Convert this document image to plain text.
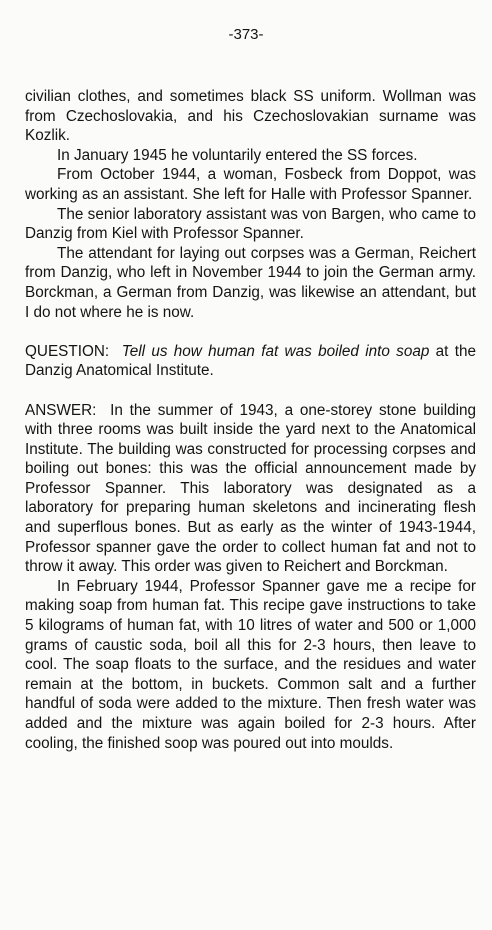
-373-

civilian clothes, and sometimes black SS uniform. Wollman was from Czechoslovakia, and his Czechoslovakian surname was Kozlik.

In January 1945 he voluntarily entered the SS forces.

From October 1944, a woman, Fosbeck from Doppot, was working as an assistant. She left for Halle with Professor Spanner.

The senior laboratory assistant was von Bargen, who came to Danzig from Kiel with Professor Spanner.

The attendant for laying out corpses was a German, Reichert from Danzig, who left in November 1944 to join the German army. Borckman, a German from Danzig, was likewise an attendant, but I do not where he is now.

QUESTION: Tell us how human fat was boiled into soap at the Danzig Anatomical Institute.

ANSWER: In the summer of 1943, a one-storey stone building with three rooms was built inside the yard next to the Anatomical Institute. The building was constructed for processing corpses and boiling out bones: this was the official announcement made by Professor Spanner. This laboratory was designated as a laboratory for preparing human skeletons and incinerating flesh and superflous bones. But as early as the winter of 1943-1944, Professor spanner gave the order to collect human fat and not to throw it away. This order was given to Reichert and Borckman.

In February 1944, Professor Spanner gave me a recipe for making soap from human fat. This recipe gave instructions to take 5 kilograms of human fat, with 10 litres of water and 500 or 1,000 grams of caustic soda, boil all this for 2-3 hours, then leave to cool. The soap floats to the surface, and the residues and water remain at the bottom, in buckets. Common salt and a further handful of soda were added to the mixture. Then fresh water was added and the mixture was again boiled for 2-3 hours. After cooling, the finished soop was poured out into moulds.
